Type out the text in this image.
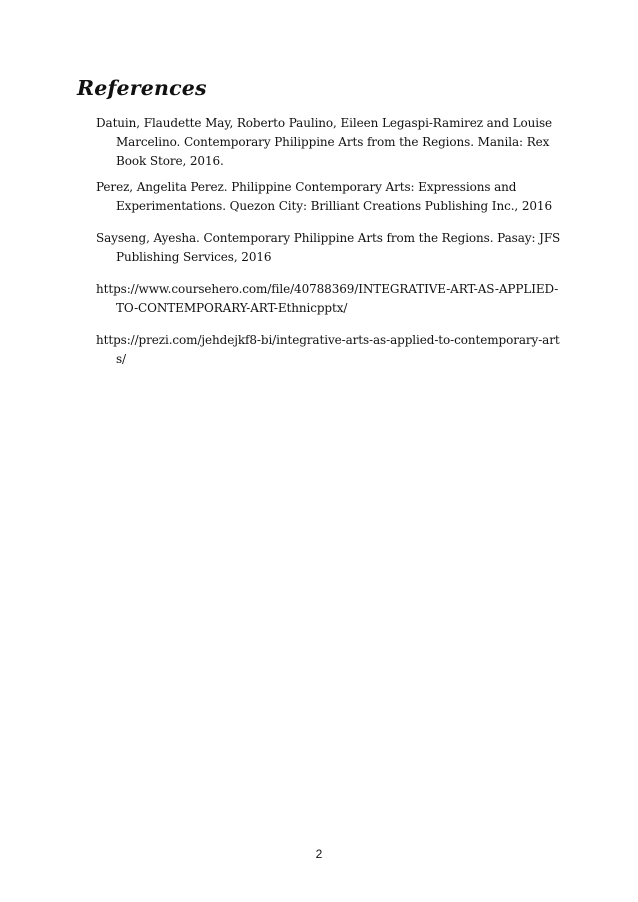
References
Datuin, Flaudette May, Roberto Paulino, Eileen Legaspi-Ramirez and Louise Marcelino. Contemporary Philippine Arts from the Regions. Manila: Rex Book Store, 2016.
Perez, Angelita Perez. Philippine Contemporary Arts: Expressions and Experimentations. Quezon City: Brilliant Creations Publishing Inc., 2016
Sayseng, Ayesha. Contemporary Philippine Arts from the Regions. Pasay: JFS Publishing Services, 2016
https://www.coursehero.com/file/40788369/INTEGRATIVE-ART-AS-APPLIED-TO-CONTEMPORARY-ART-Ethnicpptx/
https://prezi.com/jehdejkf8-bi/integrative-arts-as-applied-to-contemporary-arts/
2
